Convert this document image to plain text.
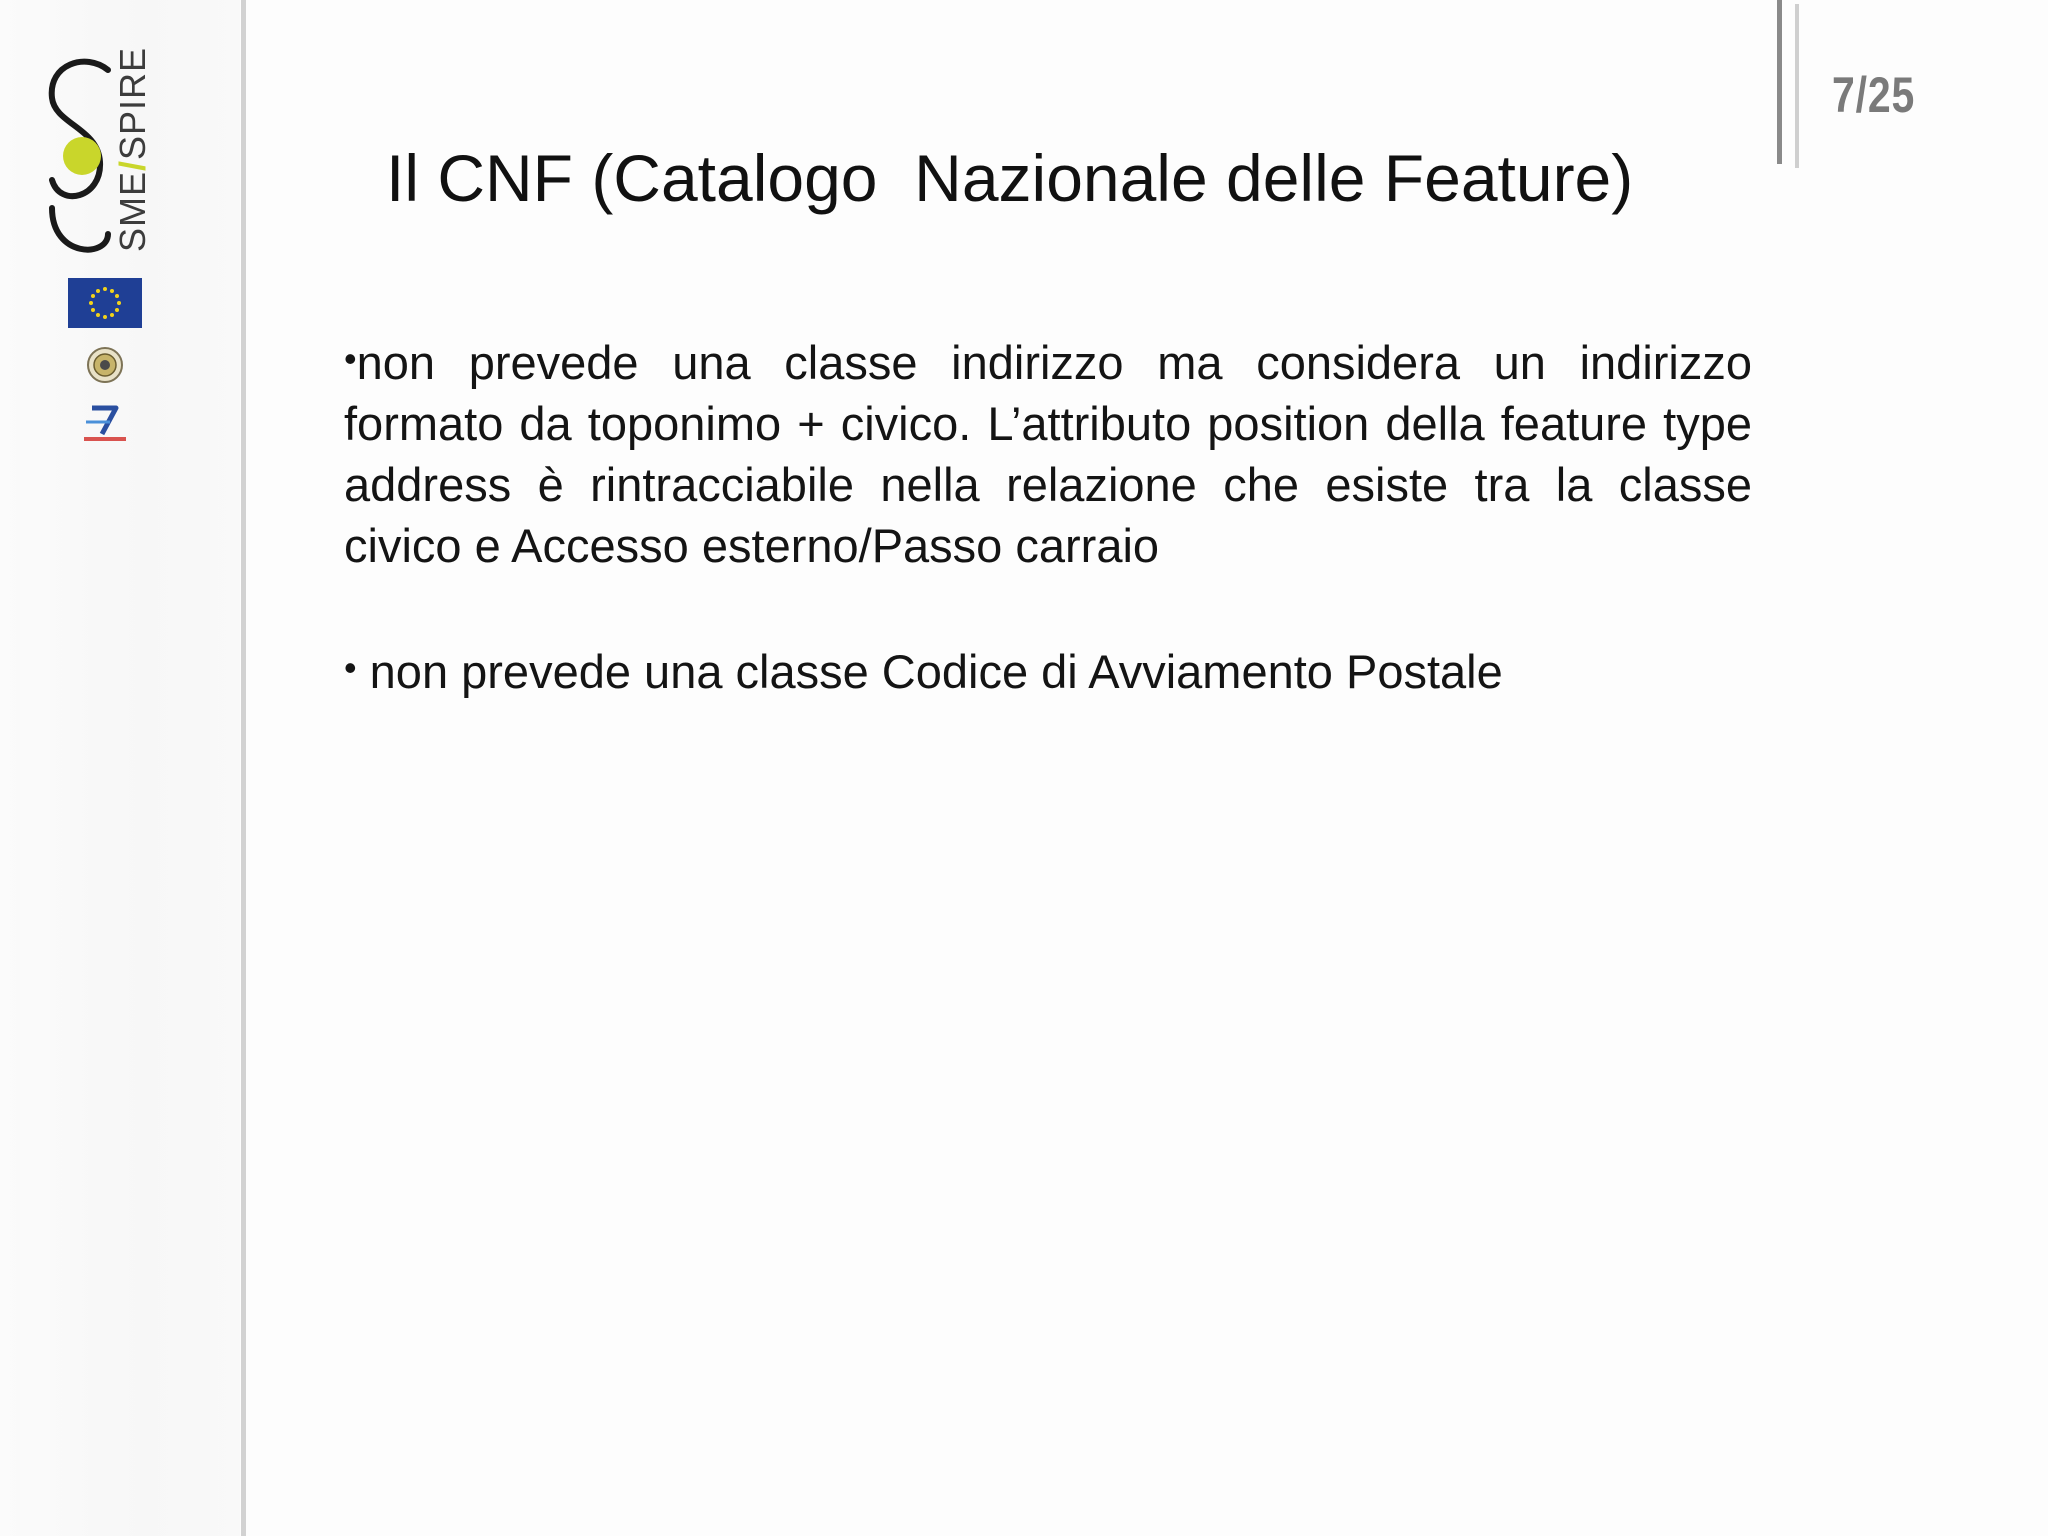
SME/SPIRE	7/25
Il CNF (Catalogo  Nazionale delle Feature)

•non prevede una classe indirizzo ma considera un indirizzo formato da toponimo + civico. L’attributo position della feature type address è rintracciabile nella relazione che esiste tra la classe civico e Accesso esterno/Passo carraio

• non prevede una classe Codice di Avviamento Postale
